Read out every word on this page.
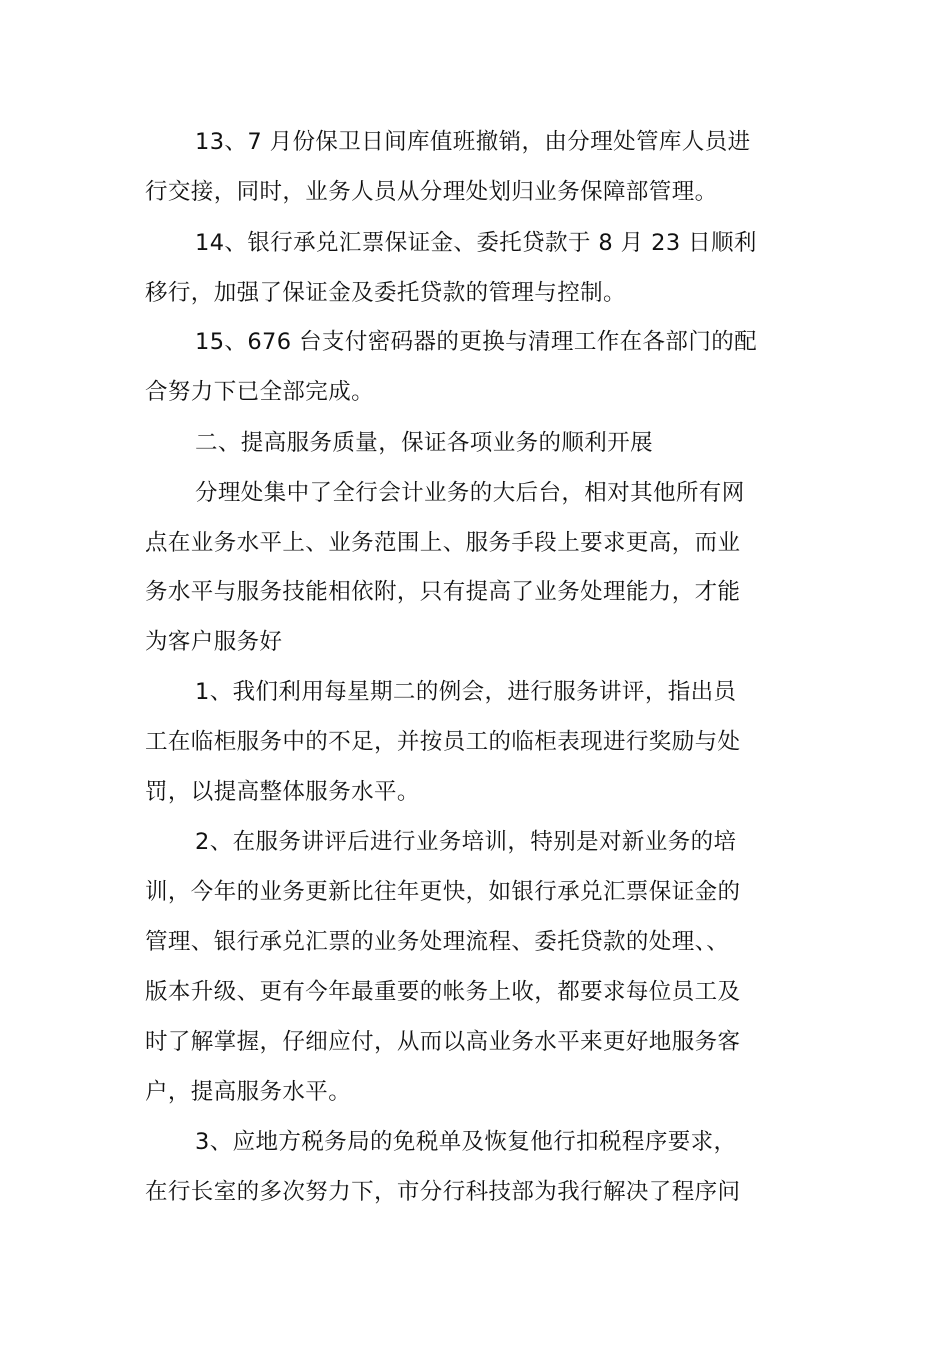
13、7 月份保卫日间库值班撤销，由分理处管库人员进
行交接，同时，业务人员从分理处划归业务保障部管理。
14、银行承兑汇票保证金、委托贷款于 8 月 23 日顺利
移行，加强了保证金及委托贷款的管理与控制。
15、676 台支付密码器的更换与清理工作在各部门的配
合努力下已全部完成。
二、提高服务质量，保证各项业务的顺利开展
分理处集中了全行会计业务的大后台，相对其他所有网
点在业务水平上、业务范围上、服务手段上要求更高，而业
务水平与服务技能相依附，只有提高了业务处理能力，才能
为客户服务好
1、我们利用每星期二的例会，进行服务讲评，指出员
工在临柜服务中的不足，并按员工的临柜表现进行奖励与处
罚，以提高整体服务水平。
2、在服务讲评后进行业务培训，特别是对新业务的培
训，今年的业务更新比往年更快，如银行承兑汇票保证金的
管理、银行承兑汇票的业务处理流程、委托贷款的处理、、
版本升级、更有今年最重要的帐务上收，都要求每位员工及
时了解掌握，仔细应付，从而以高业务水平来更好地服务客
户，提高服务水平。
3、应地方税务局的免税单及恢复他行扣税程序要求，
在行长室的多次努力下，市分行科技部为我行解决了程序问
